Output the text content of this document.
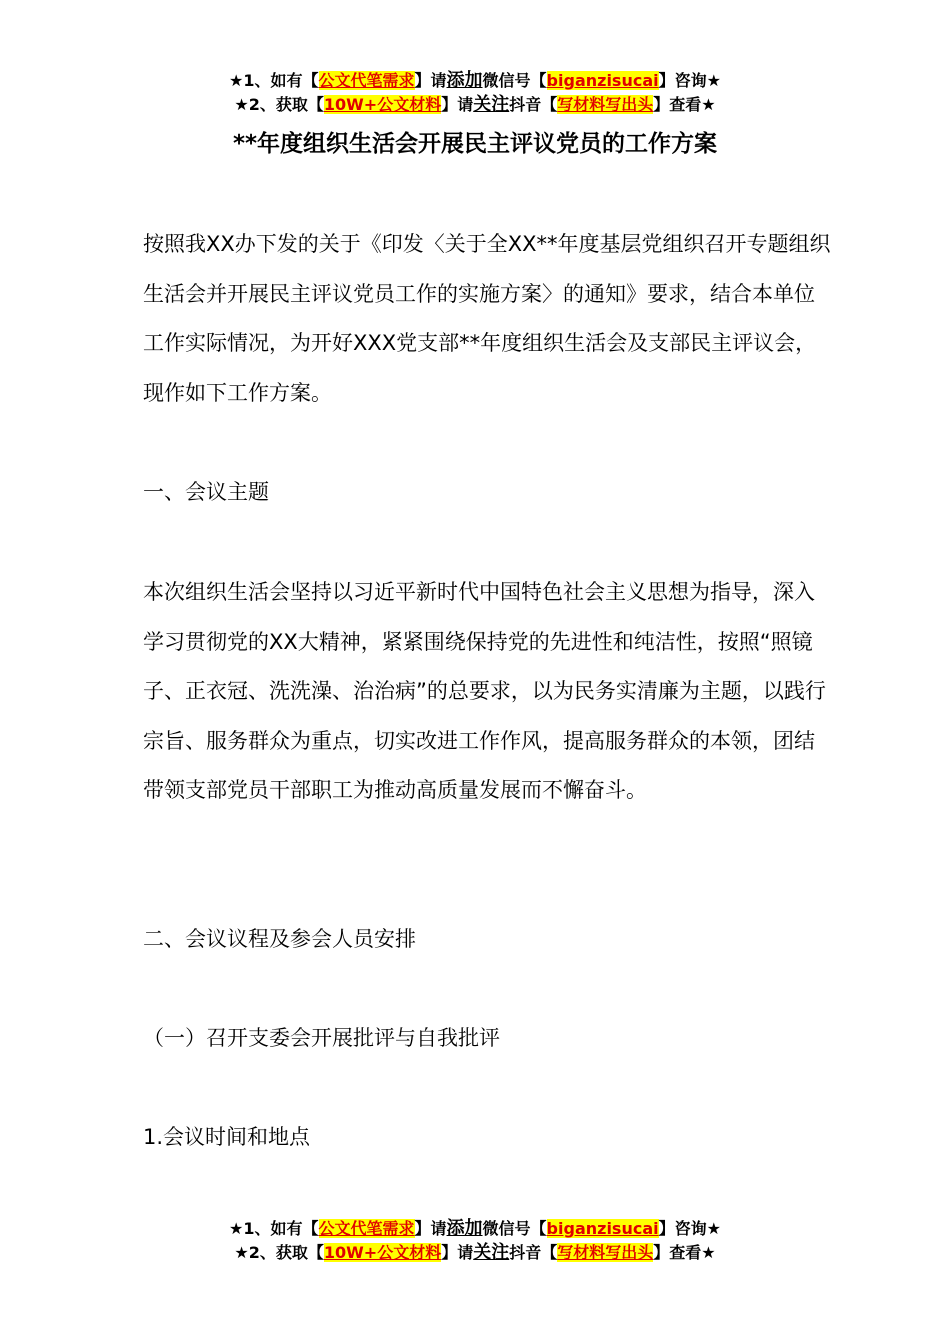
★1、如有【公文代笔需求】请添加微信号【biganzisucai】咨询★
★2、获取【10W+公文材料】请关注抖音【写材料写出头】查看★
**年度组织生活会开展民主评议党员的工作方案

按照我XX办下发的关于《印发〈关于全XX**年度基层党组织召开专题组织生活会并开展民主评议党员工作的实施方案〉的通知》要求，结合本单位工作实际情况，为开好XXX党支部**年度组织生活会及支部民主评议会，现作如下工作方案。

一、会议主题

本次组织生活会坚持以习近平新时代中国特色社会主义思想为指导，深入学习贯彻党的XX大精神，紧紧围绕保持党的先进性和纯洁性，按照“照镜子、正衣冠、洗洗澡、治治病”的总要求，以为民务实清廉为主题，以践行宗旨、服务群众为重点，切实改进工作作风，提高服务群众的本领，团结带领支部党员干部职工为推动高质量发展而不懈奋斗。

二、会议议程及参会人员安排

（一）召开支委会开展批评与自我批评

1.会议时间和地点

★1、如有【公文代笔需求】请添加微信号【biganzisucai】咨询★
★2、获取【10W+公文材料】请关注抖音【写材料写出头】查看★
